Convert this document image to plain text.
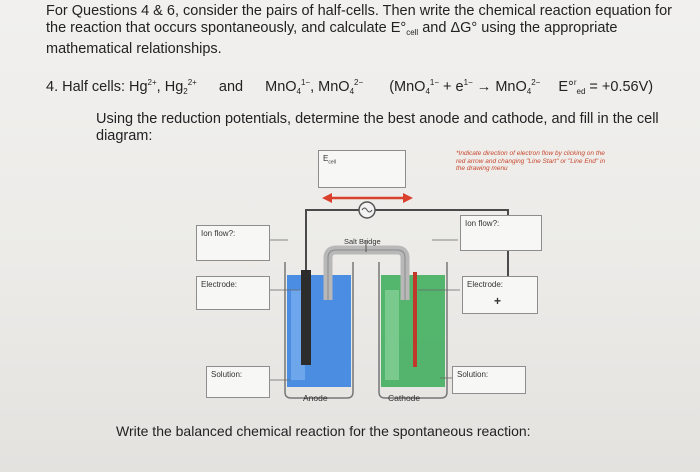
For Questions 4 & 6, consider the pairs of half-cells. Then write the chemical reaction equation for the reaction that occurs spontaneously, and calculate $E^\circ_{cell}$ and ΔG° using the appropriate mathematical relationships.
4. Half cells: $Hg^{2+}$, $Hg_2^{2+}$ and MnO$_4^{1-}$, MnO$_4^{2-}$ ($MnO_4^{1-} + e^{1-} \to MnO_4^{2-}$ E°$^r_{ed}$ = +0.56V)
Using the reduction potentials, determine the best anode and cathode, and fill in the cell diagram:
$E_{cell}$
*Indicate direction of electron flow by clicking on the red arrow and changing "Line Start" or "Line End" in the drawing menu
Ion flow?:
Ion flow?:
Salt Bridge
Electrode:	Electrode:
+
Solution:	Solution:
Anode	Cathode
Write the balanced chemical reaction for the spontaneous reaction:
